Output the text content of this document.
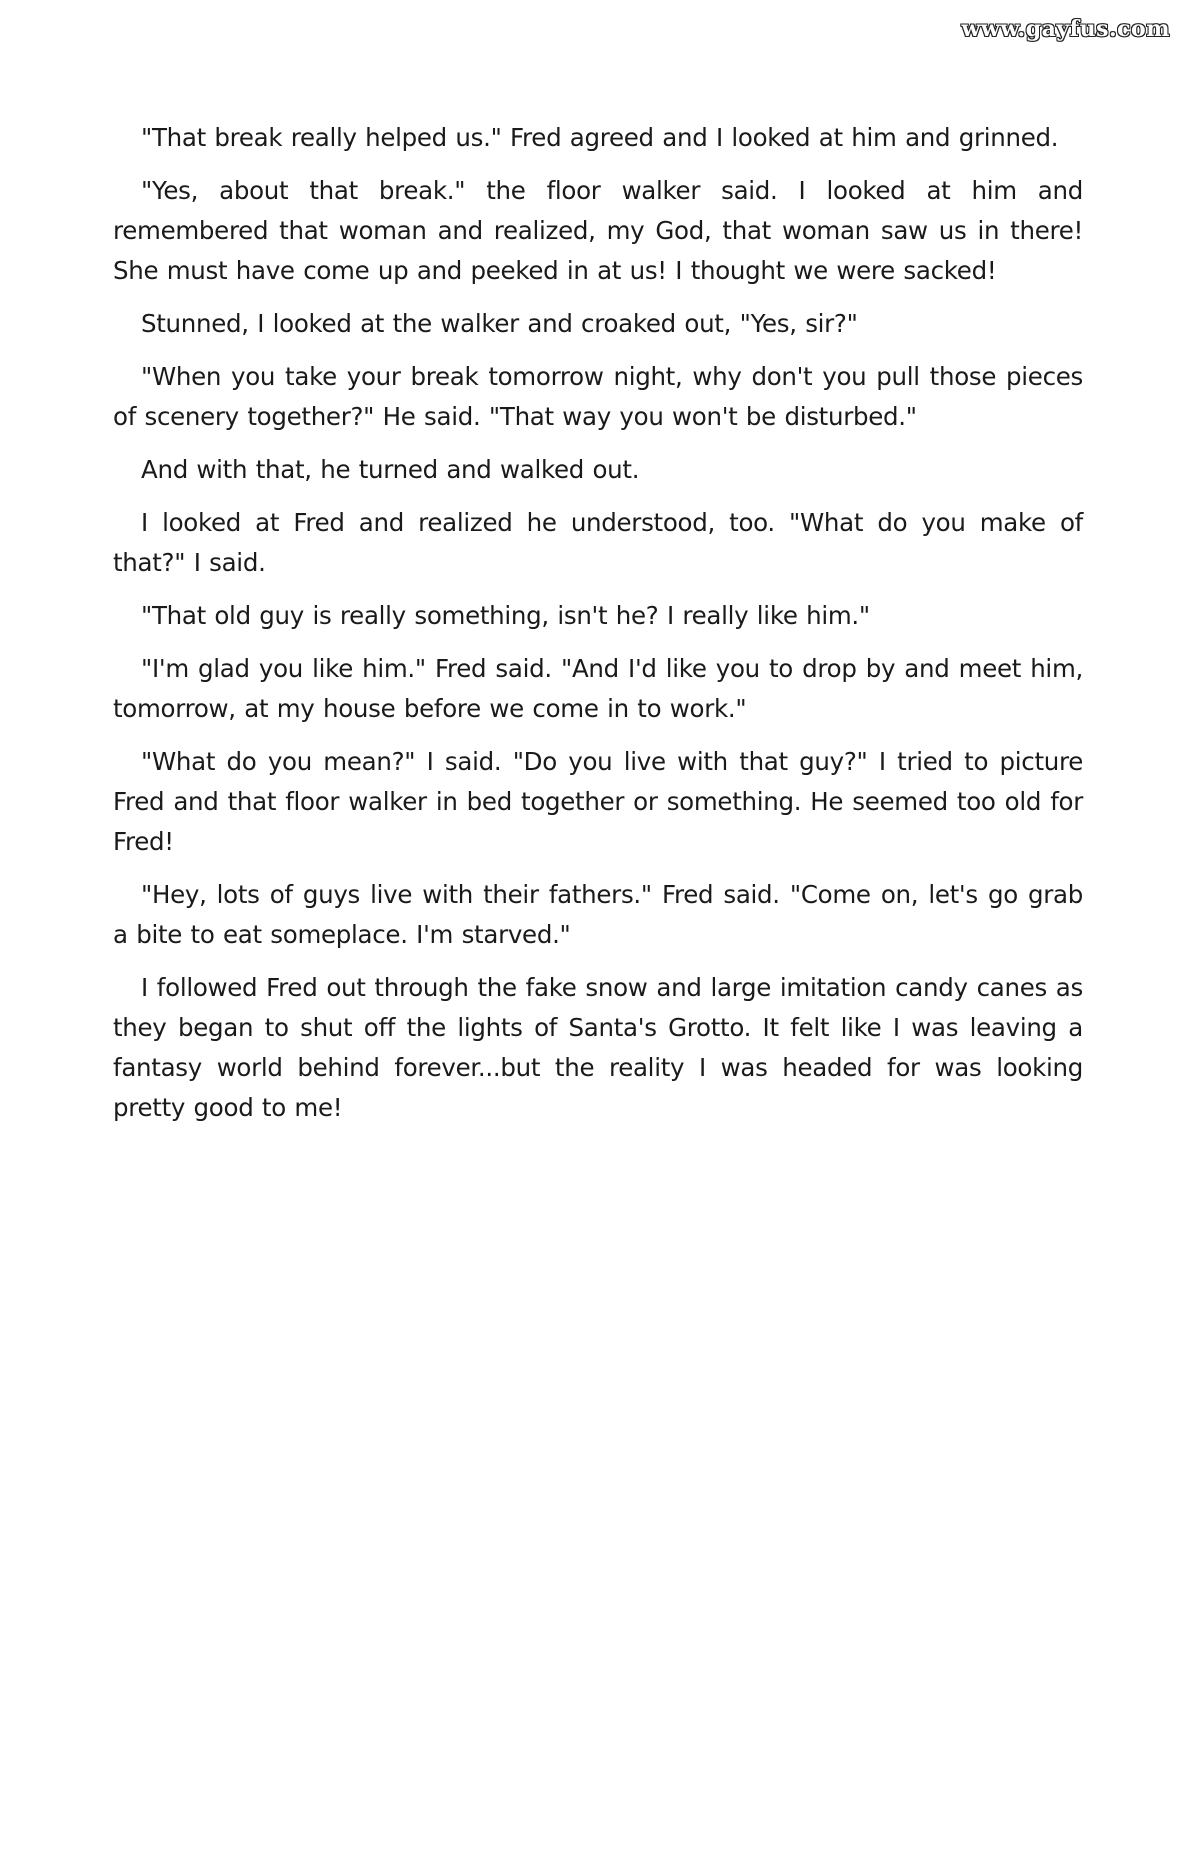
www.gayfus.com

"That break really helped us." Fred agreed and I looked at him and grinned.

"Yes, about that break." the floor walker said. I looked at him and remembered that woman and realized, my God, that woman saw us in there! She must have come up and peeked in at us! I thought we were sacked!

Stunned, I looked at the walker and croaked out, "Yes, sir?"

"When you take your break tomorrow night, why don't you pull those pieces of scenery together?" He said. "That way you won't be disturbed."

And with that, he turned and walked out.

I looked at Fred and realized he understood, too. "What do you make of that?" I said.

"That old guy is really something, isn't he? I really like him."

"I'm glad you like him." Fred said. "And I'd like you to drop by and meet him, tomorrow, at my house before we come in to work."

"What do you mean?" I said. "Do you live with that guy?" I tried to picture Fred and that floor walker in bed together or something. He seemed too old for Fred!

"Hey, lots of guys live with their fathers." Fred said. "Come on, let's go grab a bite to eat someplace. I'm starved."

I followed Fred out through the fake snow and large imitation candy canes as they began to shut off the lights of Santa's Grotto. It felt like I was leaving a fantasy world behind forever...but the reality I was headed for was looking pretty good to me!
